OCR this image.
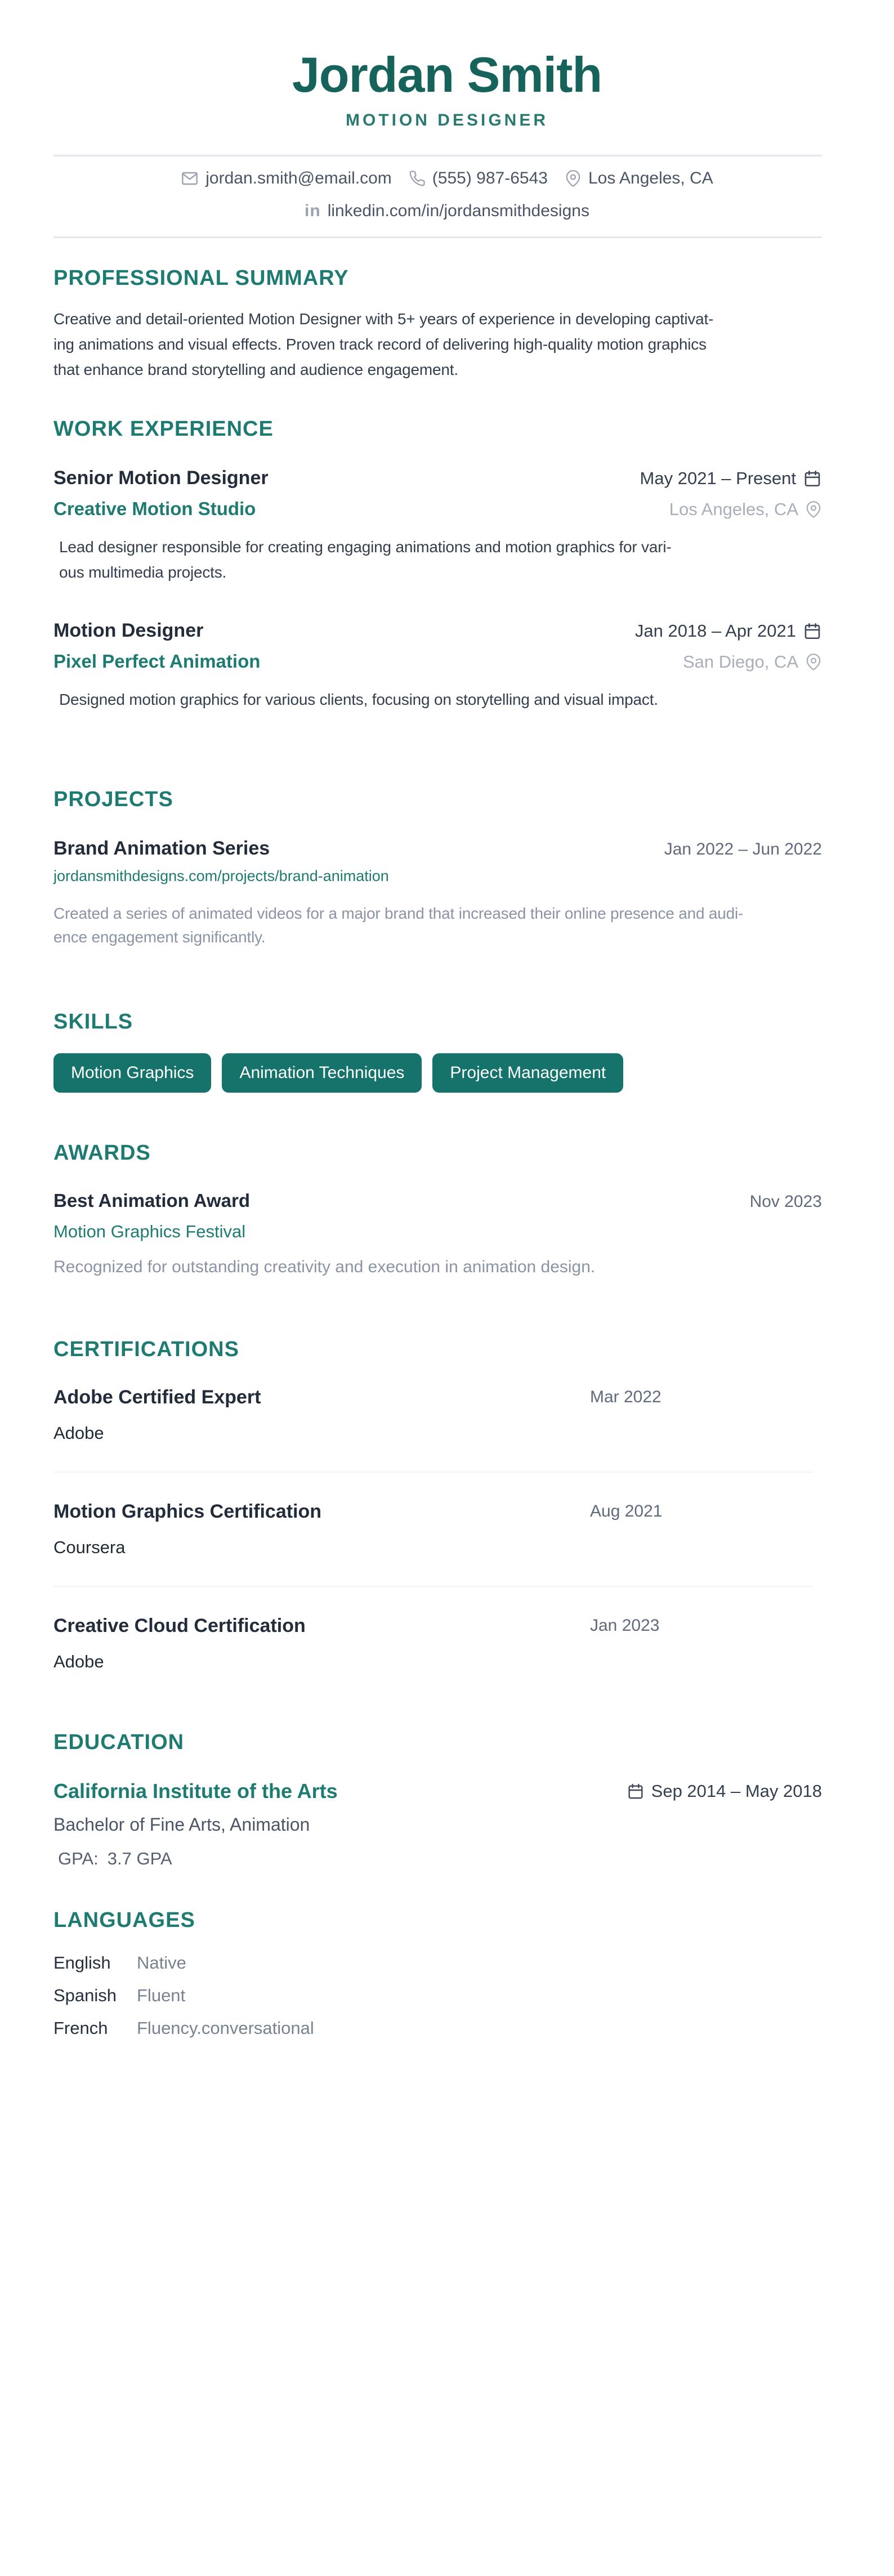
Jordan Smith
MOTION DESIGNER
jordan.smith@email.com (555) 987-6543 Los Angeles, CA
in linkedin.com/in/jordansmithdesigns
PROFESSIONAL SUMMARY
Creative and detail-oriented Motion Designer with 5+ years of experience in developing captivat-
ing animations and visual effects. Proven track record of delivering high-quality motion graphics
that enhance brand storytelling and audience engagement.
WORK EXPERIENCE
Senior Motion Designer	May 2021 – Present
Creative Motion Studio	Los Angeles, CA
Lead designer responsible for creating engaging animations and motion graphics for vari-
ous multimedia projects.
Motion Designer	Jan 2018 – Apr 2021
Pixel Perfect Animation	San Diego, CA
Designed motion graphics for various clients, focusing on storytelling and visual impact.
PROJECTS
Brand Animation Series	Jan 2022 – Jun 2022
jordansmithdesigns.com/projects/brand-animation
Created a series of animated videos for a major brand that increased their online presence and audi-
ence engagement significantly.
SKILLS
Motion Graphics	Animation Techniques	Project Management
AWARDS
Best Animation Award	Nov 2023
Motion Graphics Festival
Recognized for outstanding creativity and execution in animation design.
CERTIFICATIONS
Adobe Certified Expert	Mar 2022
Adobe
Motion Graphics Certification	Aug 2021
Coursera
Creative Cloud Certification	Jan 2023
Adobe
EDUCATION
California Institute of the Arts	Sep 2014 – May 2018
Bachelor of Fine Arts, Animation
GPA: 3.7 GPA
LANGUAGES
English	Native
Spanish	Fluent
French	Fluency.conversational
